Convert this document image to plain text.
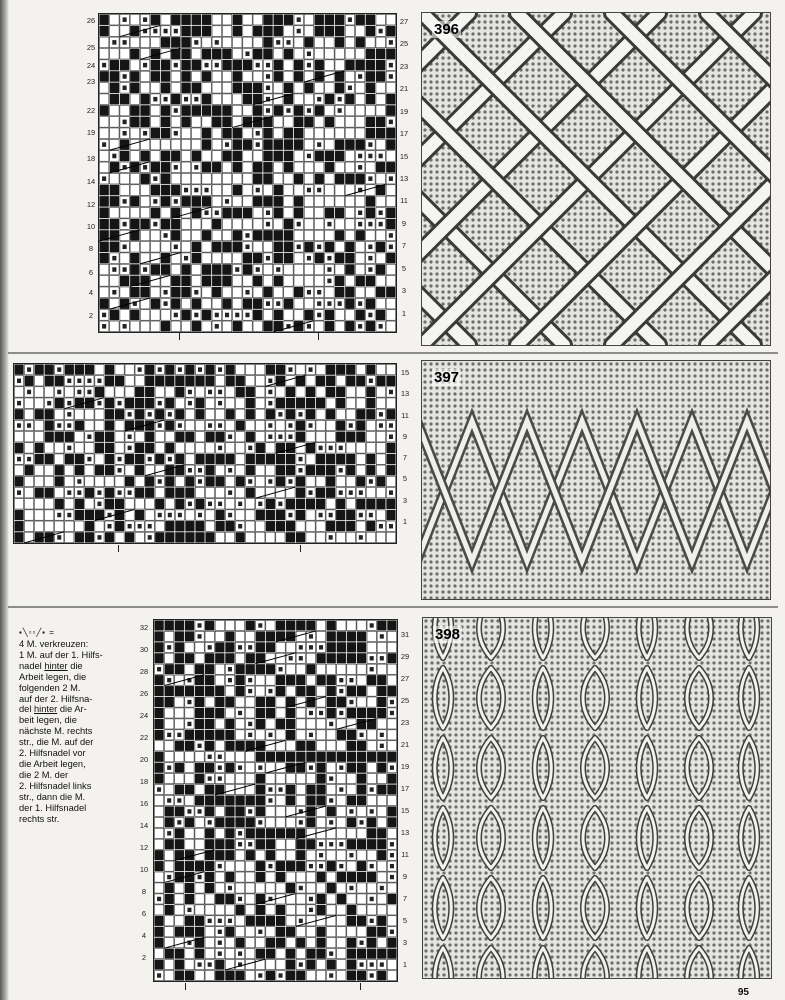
26
25
24
23
22
19
18
14
12
10
8
6
4
2
27
25
23
21
19
17
15
13
11
9
7
5
3
1
396
15
13
11
9
7
5
3
1
397
▪╲▫▫╱▪ =
4 M. verkreuzen:
1 M. auf der 1. Hilfs-
nadel hinter die
Arbeit legen, die
folgenden 2 M.
auf der 2. Hilfsna-
del hinter die Ar-
beit legen, die
nächste M. rechts
str., die M. auf der
2. Hilfsnadel vor
die Arbeit legen,
die 2 M. der
2. Hilfsnadel links
str., dann die M.
der 1. Hilfsnadel
rechts str.
32
30
28
26
24
22
20
18
16
14
12
10
8
6
4
2
31
29
27
25
23
21
19
17
15
13
11
9
7
5
3
1
398
95
